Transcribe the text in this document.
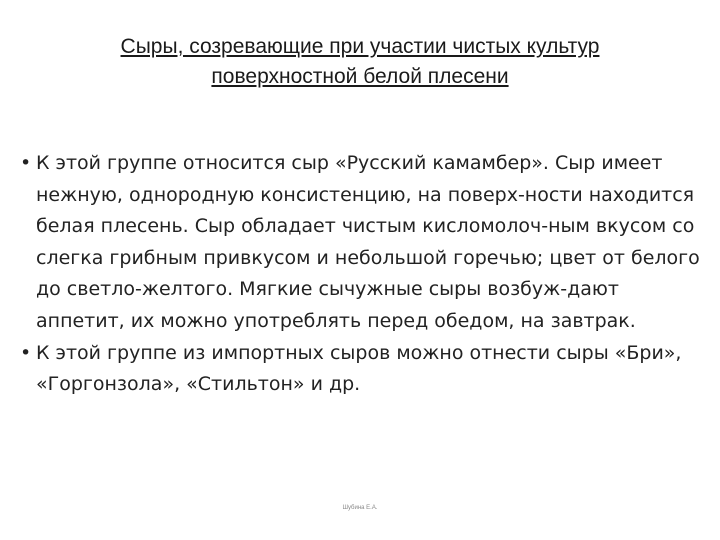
Сыры, созревающие при участии чистых культур
поверхностной белой плесени
• К этой группе относится сыр «Русский камамбер». Сыр имеет нежную, однородную консистенцию, на поверх-ности находится белая плесень. Сыр обладает чистым кисломолоч-ным вкусом со слегка грибным привкусом и небольшой горечью; цвет от белого до светло-желтого. Мягкие сычужные сыры возбуж-дают аппетит, их можно употреблять перед обедом, на завтрак.
• К этой группе из импортных сыров можно отнести сыры «Бри», «Горгонзола», «Стильтон» и др.
Шубина Е.А.
